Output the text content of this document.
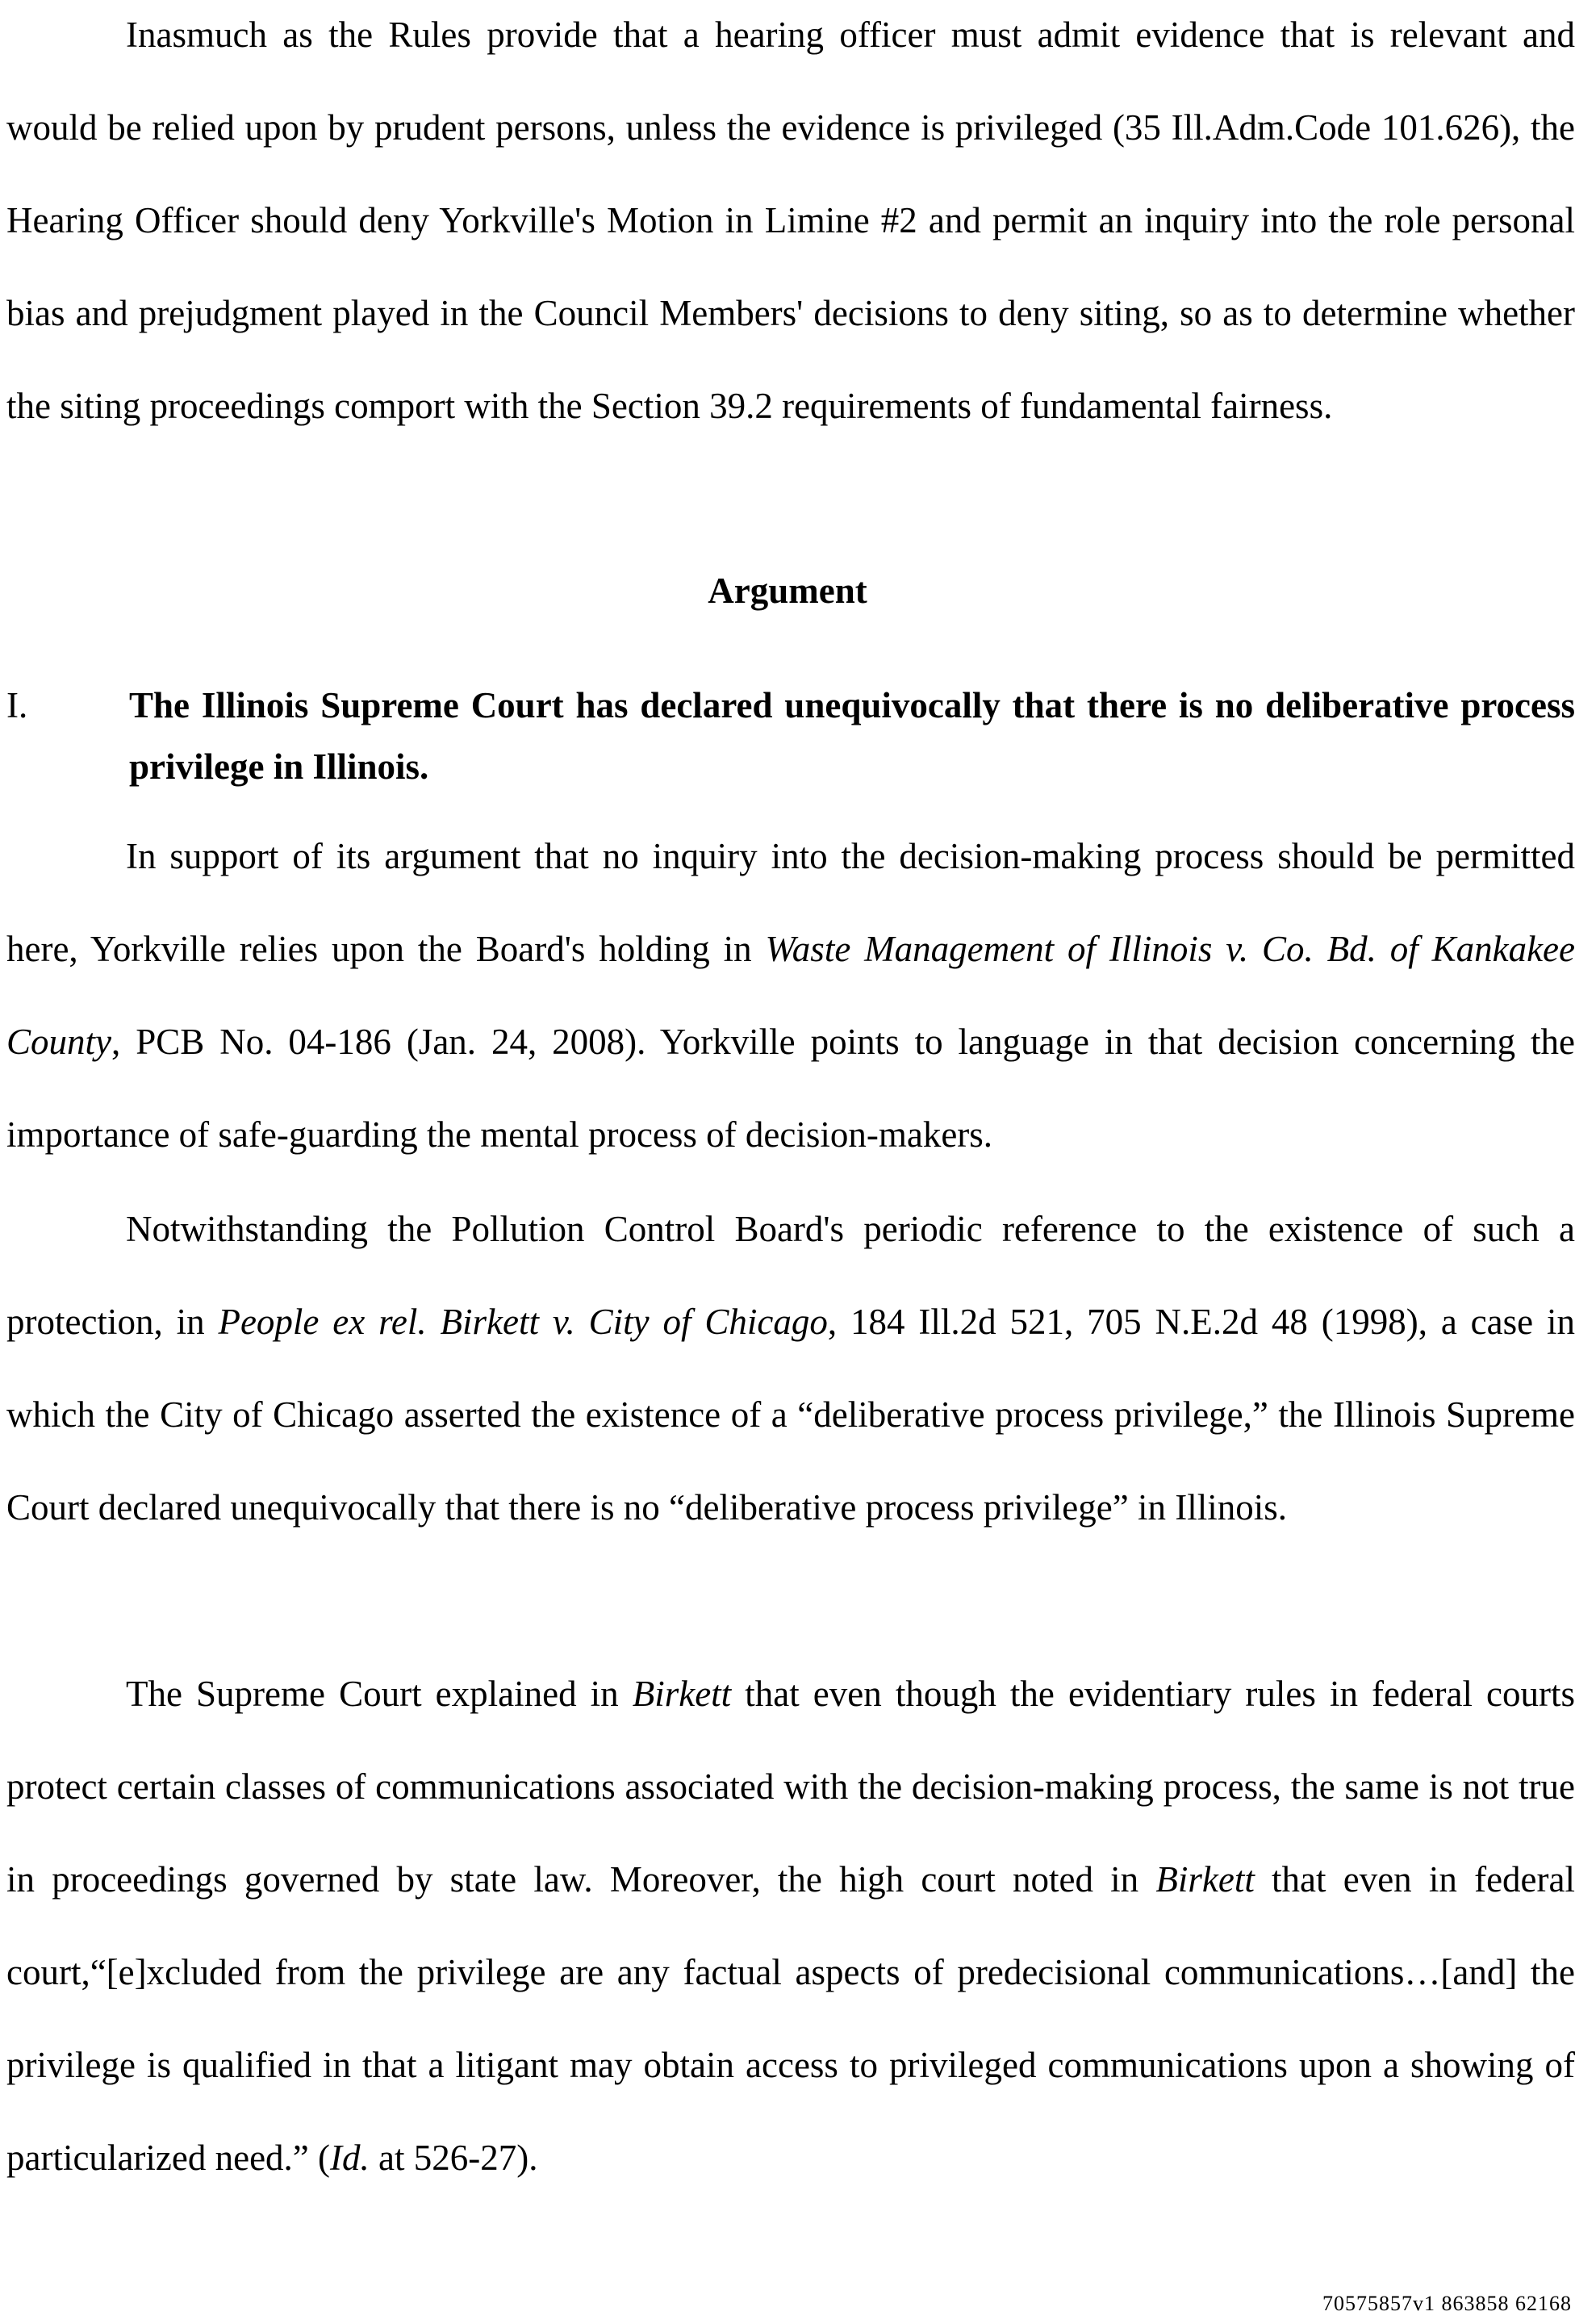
Inasmuch as the Rules provide that a hearing officer must admit evidence that is relevant and would be relied upon by prudent persons, unless the evidence is privileged (35 Ill.Adm.Code 101.626), the Hearing Officer should deny Yorkville's Motion in Limine #2 and permit an inquiry into the role personal bias and prejudgment played in the Council Members' decisions to deny siting, so as to determine whether the siting proceedings comport with the Section 39.2 requirements of fundamental fairness.

Argument
I.	The Illinois Supreme Court has declared unequivocally that there is no deliberative process privilege in Illinois.

In support of its argument that no inquiry into the decision-making process should be permitted here, Yorkville relies upon the Board's holding in Waste Management of Illinois v. Co. Bd. of Kankakee County, PCB No. 04-186 (Jan. 24, 2008). Yorkville points to language in that decision concerning the importance of safe-guarding the mental process of decision-makers.

Notwithstanding the Pollution Control Board's periodic reference to the existence of such a protection, in People ex rel. Birkett v. City of Chicago, 184 Ill.2d 521, 705 N.E.2d 48 (1998), a case in which the City of Chicago asserted the existence of a “deliberative process privilege,” the Illinois Supreme Court declared unequivocally that there is no “deliberative process privilege” in Illinois.

The Supreme Court explained in Birkett that even though the evidentiary rules in federal courts protect certain classes of communications associated with the decision-making process, the same is not true in proceedings governed by state law. Moreover, the high court noted in Birkett that even in federal court,“[e]xcluded from the privilege are any factual aspects of predecisional communications…[and] the privilege is qualified in that a litigant may obtain access to privileged communications upon a showing of particularized need.” (Id. at 526-27).

70575857v1 863858 62168
